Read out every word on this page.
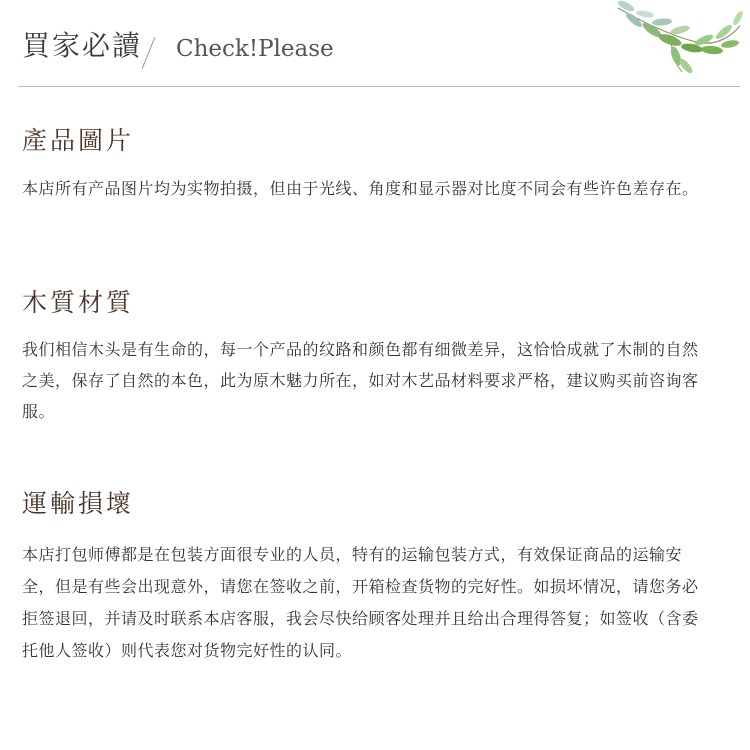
買家必讀 Check!Please
產品圖片

本店所有产品图片均为实物拍摄，但由于光线、角度和显示器对比度不同会有些许色差存在。

木質材質

我们相信木头是有生命的，每一个产品的纹路和颜色都有细微差异，这恰恰成就了木制的自然之美，保存了自然的本色，此为原木魅力所在，如对木艺品材料要求严格，建议购买前咨询客服。

運輸損壞

本店打包师傅都是在包装方面很专业的人员，特有的运输包装方式，有效保证商品的运输安全，但是有些会出现意外，请您在签收之前，开箱检查货物的完好性。如损坏情况，请您务必拒签退回，并请及时联系本店客服，我会尽快给顾客处理并且给出合理得答复；如签收（含委托他人签收）则代表您对货物完好性的认同。
